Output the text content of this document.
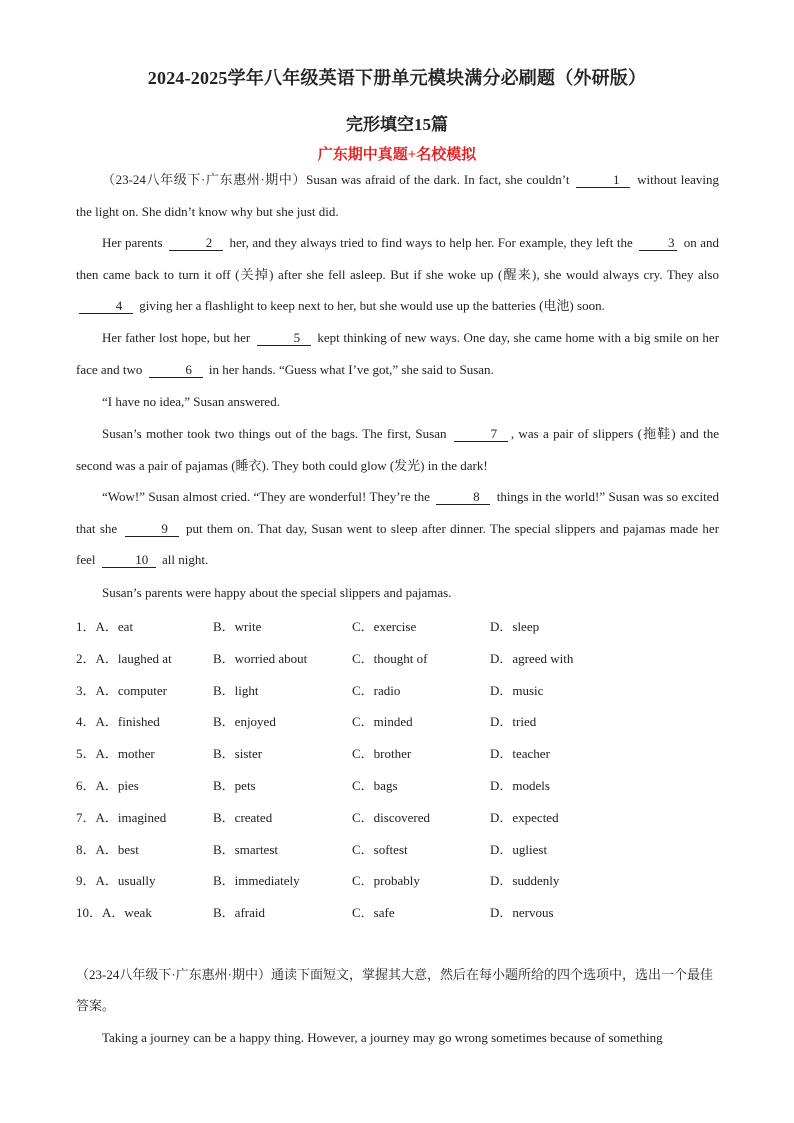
2024-2025学年八年级英语下册单元模块满分必刷题（外研版）
完形填空15篇
广东期中真题+名校模拟
（23-24八年级下·广东惠州·期中）Susan was afraid of the dark. In fact, she couldn’t	1 without leaving the light on. She didn’t know why but she just did.
Her parents	2 her, and they always tried to find ways to help her. For example, they left the	3 on and then came back to turn it off (关掉) after she fell asleep. But if she woke up (醒来), she would always cry. They also 4 giving her a flashlight to keep next to her, but she would use up the batteries (电池) soon.
Her father lost hope, but her	5 kept thinking of new ways. One day, she came home with a big smile on her face and two	6 in her hands. “Guess what I’ve got,” she said to Susan.
“I have no idea,” Susan answered.
Susan’s mother took two things out of the bags. The first, Susan	7 , was a pair of slippers (拖鞋) and the second was a pair of pajamas (睡衣). They both could glow (发光) in the dark!
“Wow!” Susan almost cried. “They are wonderful! They’re the	8 things in the world!” Susan was so excited that she	9 put them on. That day, Susan went to sleep after dinner. The special slippers and pajamas made her feel	10 all night.
Susan’s parents were happy about the special slippers and pajamas.
1．A．eat	B．write	C．exercise	D．sleep
2．A．laughed at	B．worried about	C．thought of	D．agreed with
3．A．computer	B．light	C．radio	D．music
4．A．finished	B．enjoyed	C．minded	D．tried
5．A．mother	B．sister	C．brother	D．teacher
6．A．pies	B．pets	C．bags	D．models
7．A．imagined	B．created	C．discovered	D．expected
8．A．best	B．smartest	C．softest	D．ugliest
9．A．usually	B．immediately	C．probably	D．suddenly
10．A．weak	B．afraid	C．safe	D．nervous
（23-24八年级下·广东惠州·期中）通读下面短文，掌握其大意，然后在每小题所给的四个选项中，选出一个最佳答案。
Taking a journey can be a happy thing. However, a journey may go wrong sometimes because of something
